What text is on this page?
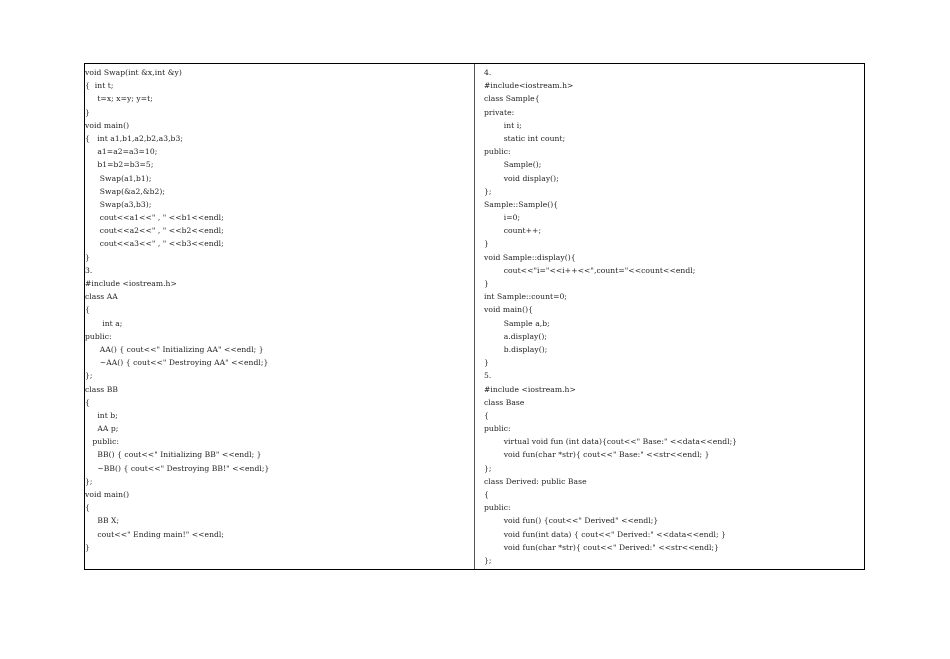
void Swap(int &x,int &y)
{  int t;
t=x; x=y; y=t;
}
void main()
{   int a1,b1,a2,b2,a3,b3;
a1=a2=a3=10;
b1=b2=b3=5;
Swap(a1,b1);
Swap(&a2,&b2);
Swap(a3,b3);
cout<<a1<<" , " <<b1<<endl;
cout<<a2<<" , " <<b2<<endl;
cout<<a3<<" , " <<b3<<endl;
}
3.
#include <iostream.h>
class AA
{
int a;
public:
AA() { cout<<" Initializing AA" <<endl; }
~AA() { cout<<" Destroying AA" <<endl;}
};
class BB
{
int b;
AA p;
public:
BB() { cout<<" Initializing BB" <<endl; }
~BB() { cout<<" Destroying BB!" <<endl;}
};
void main()
{
BB X;
cout<<" Ending main!" <<endl;
}
4.
#include<iostream.h>
class Sample{
private:
int i;
static int count;
public:
Sample();
void display();
};
Sample::Sample(){
i=0;
count++;
}
void Sample::display(){
cout<<"i="<<i++<<",count="<<count<<endl;
}
int Sample::count=0;
void main(){
Sample a,b;
a.display();
b.display();
}
5.
#include <iostream.h>
class Base
{
public:
virtual void fun (int data){cout<<" Base:" <<data<<endl;}
void fun(char *str){ cout<<" Base:" <<str<<endl; }
};
class Derived: public Base
{
public:
void fun() {cout<<" Derived" <<endl;}
void fun(int data) { cout<<" Derived:" <<data<<endl; }
void fun(char *str){ cout<<" Derived:" <<str<<endl;}
};
